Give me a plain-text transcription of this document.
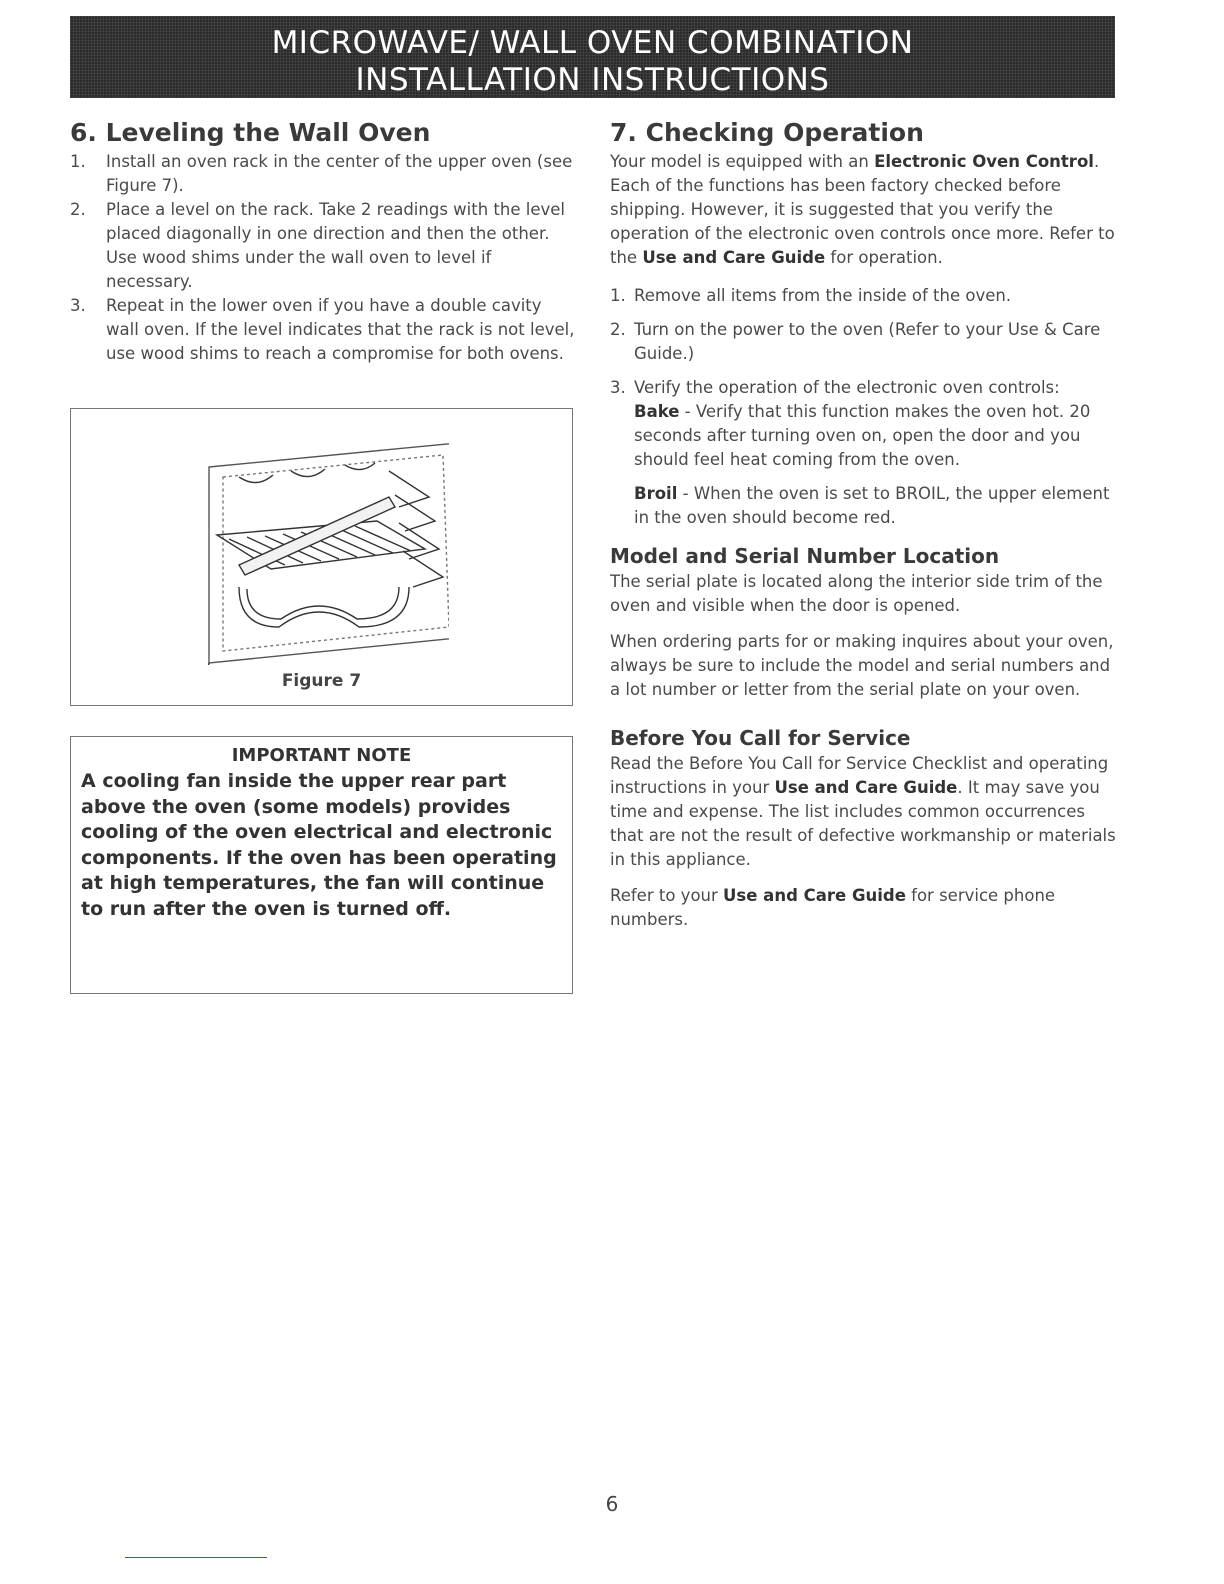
MICROWAVE/ WALL OVEN COMBINATION
INSTALLATION INSTRUCTIONS
6. Leveling the Wall Oven
1. Install an oven rack in the center of the upper oven (see Figure 7).
2. Place a level on the rack. Take 2 readings with the level placed diagonally in one direction and then the other. Use wood shims under the wall oven to level if necessary.
3. Repeat in the lower oven if you have a double cavity wall oven. If the level indicates that the rack is not level, use wood shims to reach a compromise for both ovens.
Figure 7
IMPORTANT NOTE
A cooling fan inside the upper rear part above the oven (some models) provides cooling of the oven electrical and electronic components. If the oven has been operating at high temperatures, the fan will continue to run after the oven is turned off.
7. Checking Operation

Your model is equipped with an Electronic Oven Control. Each of the functions has been factory checked before shipping. However, it is suggested that you verify the operation of the electronic oven controls once more. Refer to the Use and Care Guide for operation.

1. Remove all items from the inside of the oven.
2. Turn on the power to the oven (Refer to your Use & Care Guide.)
3. Verify the operation of the electronic oven controls:
Bake - Verify that this function makes the oven hot. 20 seconds after turning oven on, open the door and you should feel heat coming from the oven.
Broil - When the oven is set to BROIL, the upper element in the oven should become red.
Model and Serial Number Location

The serial plate is located along the interior side trim of the oven and visible when the door is opened.

When ordering parts for or making inquires about your oven, always be sure to include the model and serial numbers and a lot number or letter from the serial plate on your oven.

Before You Call for Service

Read the Before You Call for Service Checklist and operating instructions in your Use and Care Guide. It may save you time and expense. The list includes common occurrences that are not the result of defective workmanship or materials in this appliance.

Refer to your Use and Care Guide for service phone numbers.

6
